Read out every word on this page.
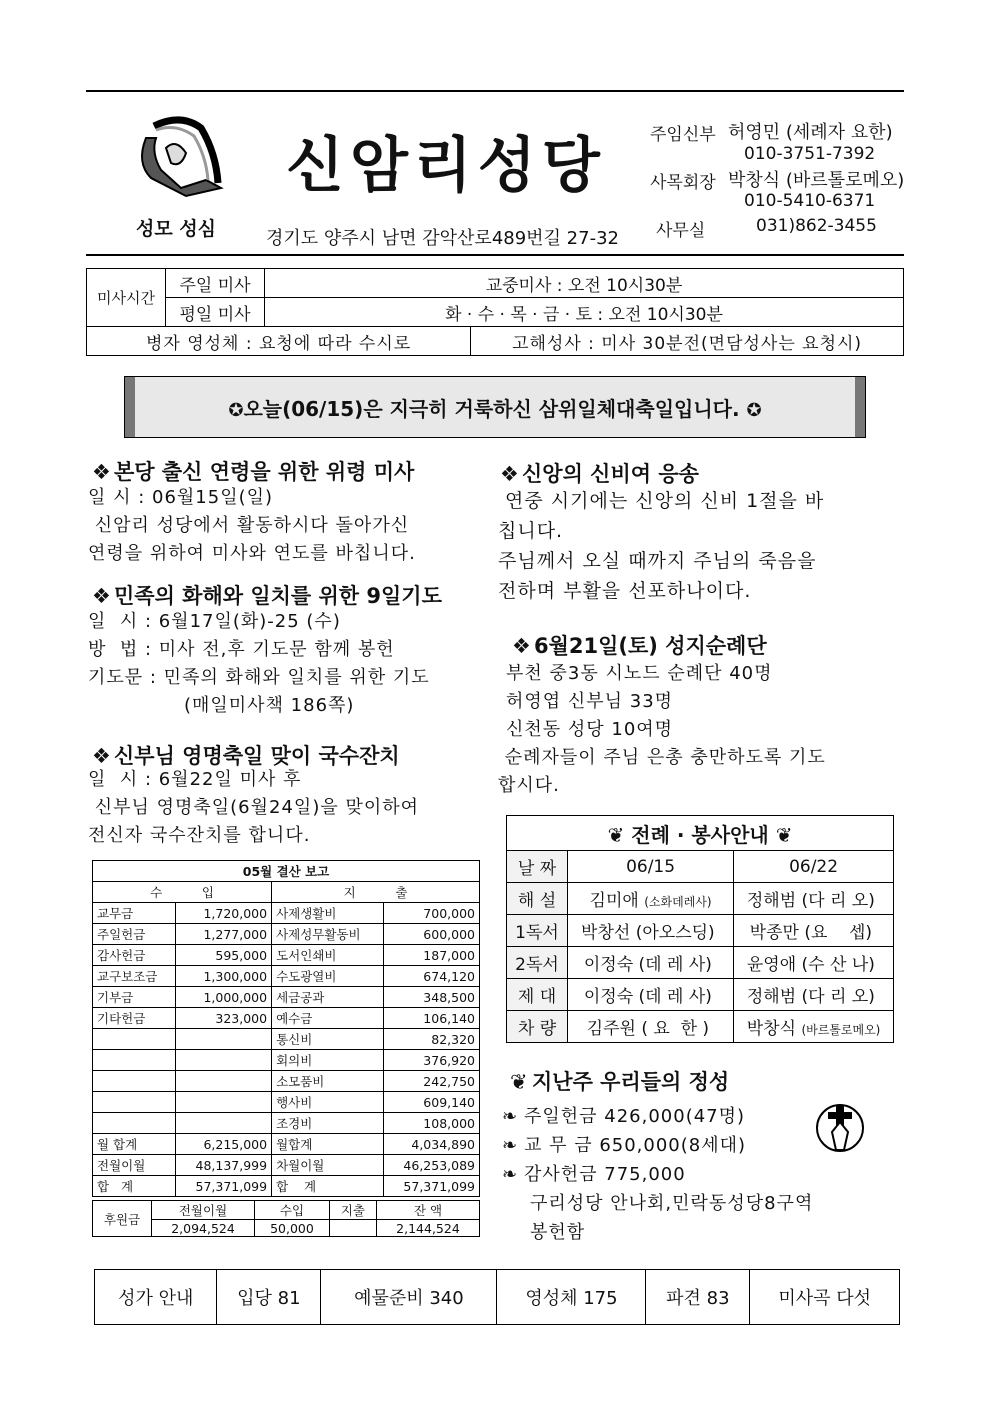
성모 성심
신암리성당
경기도 양주시 남면 감악산로489번길 27-32
주임신부 허영민 (세례자 요한)
010-3751-7392
사목회장 박창식 (바르톨로메오)
010-5410-6371
사무실	031)862-3455
미사시간	주일 미사	교중미사 : 오전 10시30분	
	평일 미사	화 · 수 · 목 · 금 · 토 : 오전 10시30분	
병자 영성체 : 요청에 따라 수시로			고해성사 : 미사 30분전(면담성사는 요청시)
✪오늘(06/15)은 지극히 거룩하신 삼위일체대축일입니다. ✪
❖ 본당 출신 연령을 위한 위령 미사
일 시 : 06월15일(일)
신암리 성당에서 활동하시다 돌아가신
연령을 위하여 미사와 연도를 바칩니다.
❖ 민족의 화해와 일치를 위한 9일기도
일  시 : 6월17일(화)-25 (수)
방  법 : 미사 전,후 기도문 함께 봉헌
기도문 : 민족의 화해와 일치를 위한 기도
(매일미사책 186쪽)
❖ 신부님 영명축일 맞이 국수잔치
일  시 : 6월22일 미사 후
신부님 영명축일(6월24일)을 맞이하여
전신자 국수잔치를 합니다.
05월 결산 보고			
수          입		지          출	
교무금	1,720,000	사제생활비	700,000
주일헌금	1,277,000	사제성무활동비	600,000
감사헌금	595,000	도서인쇄비	187,000
교구보조금	1,300,000	수도광열비	674,120
기부금	1,000,000	세금공과	348,500
기타헌금	323,000	예수금	106,140
		통신비	82,320
		회의비	376,920
		소모품비	242,750
		행사비	609,140
		조경비	108,000
월 합계	6,215,000	월합계	4,034,890
전월이월	48,137,999	차월이월	46,253,089
합   계	57,371,099	합    계	57,371,099
후원금	전월이월	수입	지출	잔 액
	2,094,524	50,000		2,144,524
❖ 신앙의 신비여 응송
연중 시기에는 신앙의 신비 1절을 바
칩니다.
주님께서 오실 때까지 주님의 죽음을
전하며 부활을 선포하나이다.
❖ 6월21일(토) 성지순례단
부천 중3동 시노드 순례단 40명
허영엽 신부님 33명
신천동 성당 10여명
순례자들이 주님 은총 충만하도록 기도
합시다.
❦ 전례 · 봉사안내 ❦		
날 짜	06/15	06/22
해 설	김미애 (소화데레사)	정해범 (다 리 오)
1독서	박창선 (아오스딩)	박종만 (요    셉)
2독서	이정숙 (데 레 사)	윤영애 (수 산 나)
제 대	이정숙 (데 레 사)	정해범 (다 리 오)
차 량	김주원 ( 요  한 )	박창식 (바르톨로메오)
❦ 지난주 우리들의 정성
❧ 주일헌금 426,000(47명)
❧ 교 무 금 650,000(8세대)
❧ 감사헌금 775,000
구리성당 안나회,민락동성당8구역
봉헌함
성가 안내	입당 81	예물준비 340	영성체 175	파견 83	미사곡 다섯
